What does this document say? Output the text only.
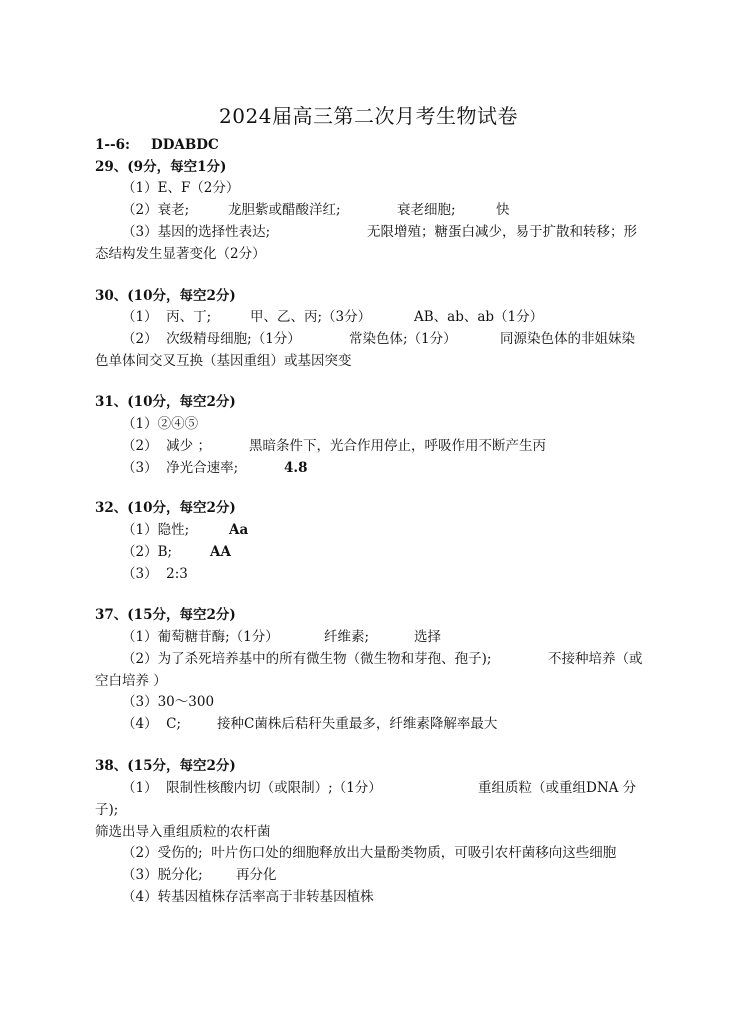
2024届高三第二次月考生物试卷
1--6: DDABDC
29、(9分，每空1分)
（1）E、F（2分）
（2）衰老;	龙胆紫或醋酸洋红;	衰老细胞;	快
（3）基因的选择性表达;	无限增殖；糖蛋白减少，易于扩散和转移；形
态结构发生显著变化（2分）
30、(10分，每空2分)
（1）  丙、丁;	甲、乙、丙;（3分）	AB、ab、ab（1分）
（2）  次级精母细胞;（1分）	常染色体;（1分）	同源染色体的非姐妹染
色单体间交叉互换（基因重组）或基因突变
31、(10分，每空2分)
（1）②④⑤
（2）  减少 ；	黑暗条件下，光合作用停止，呼吸作用不断产生丙
（3）  净光合速率;	4.8
32、(10分，每空2分)
（1）隐性;	Aa
（2）B;	AA
（3）  2:3
37、(15分，每空2分)
（1）葡萄糖苷酶;（1分）	纤维素;	选择
（2）为了杀死培养基中的所有微生物（微生物和芽孢、孢子);	不接种培养（或
空白培养 ）
（3）30～300
（4）  C;	接种C菌株后秸秆失重最多，纤维素降解率最大
38、(15分，每空2分)
（1）  限制性核酸内切（或限制）;（1分）	重组质粒（或重组DNA 分
子);
筛选出导入重组质粒的农杆菌
（2）受伤的;  叶片伤口处的细胞释放出大量酚类物质，可吸引农杆菌移向这些细胞
（3）脱分化; 再分化
（4）转基因植株存活率高于非转基因植株
